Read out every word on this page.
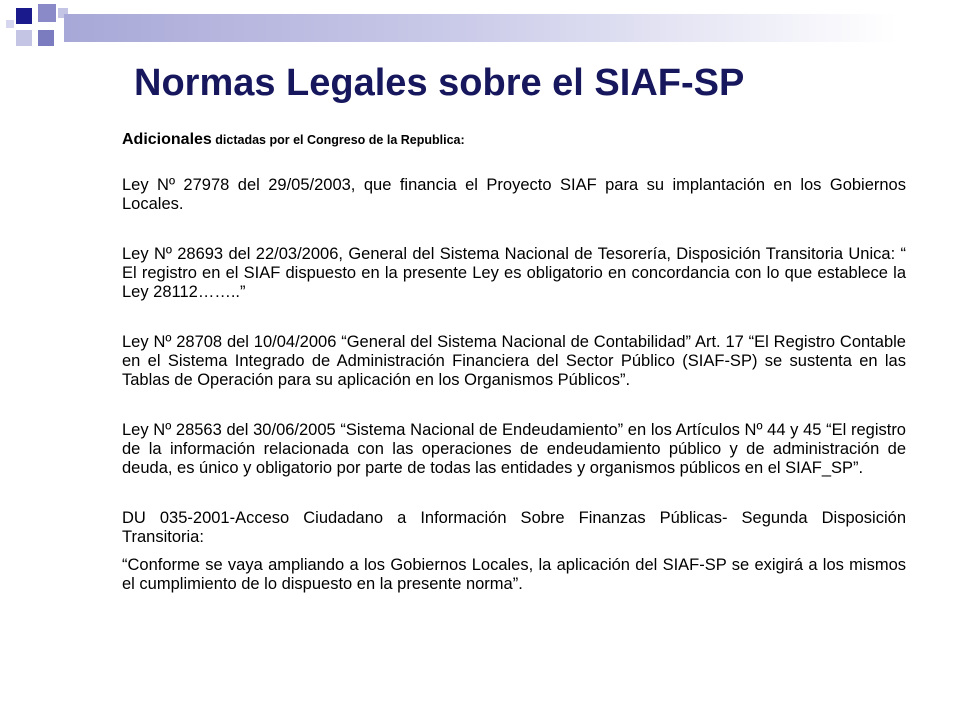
Normas Legales sobre el SIAF-SP

Adicionales dictadas por el Congreso de la Republica:

Ley Nº 27978 del 29/05/2003, que financia el Proyecto SIAF para su implantación en los Gobiernos Locales.

Ley Nº 28693 del 22/03/2006, General del Sistema Nacional de Tesorería, Disposición Transitoria Unica: “ El registro en el SIAF dispuesto en la presente Ley es obligatorio en concordancia con lo que establece la Ley 28112……..”

Ley Nº 28708 del 10/04/2006 “General del Sistema Nacional de Contabilidad” Art. 17 “El Registro Contable en el Sistema Integrado de Administración Financiera del Sector Público (SIAF-SP) se sustenta en las Tablas de Operación para su aplicación en los Organismos Públicos”.

Ley Nº 28563 del 30/06/2005 “Sistema Nacional de Endeudamiento” en los Artículos Nº 44 y 45 “El registro de la información relacionada con las operaciones de endeudamiento público y de administración de deuda, es único y obligatorio por parte de todas las entidades y organismos públicos en el SIAF_SP”.

DU 035-2001-Acceso Ciudadano a Información Sobre Finanzas Públicas- Segunda Disposición Transitoria:

“Conforme se vaya ampliando a los Gobiernos Locales, la aplicación del SIAF-SP se exigirá a los mismos el cumplimiento de lo dispuesto en la presente norma”.
